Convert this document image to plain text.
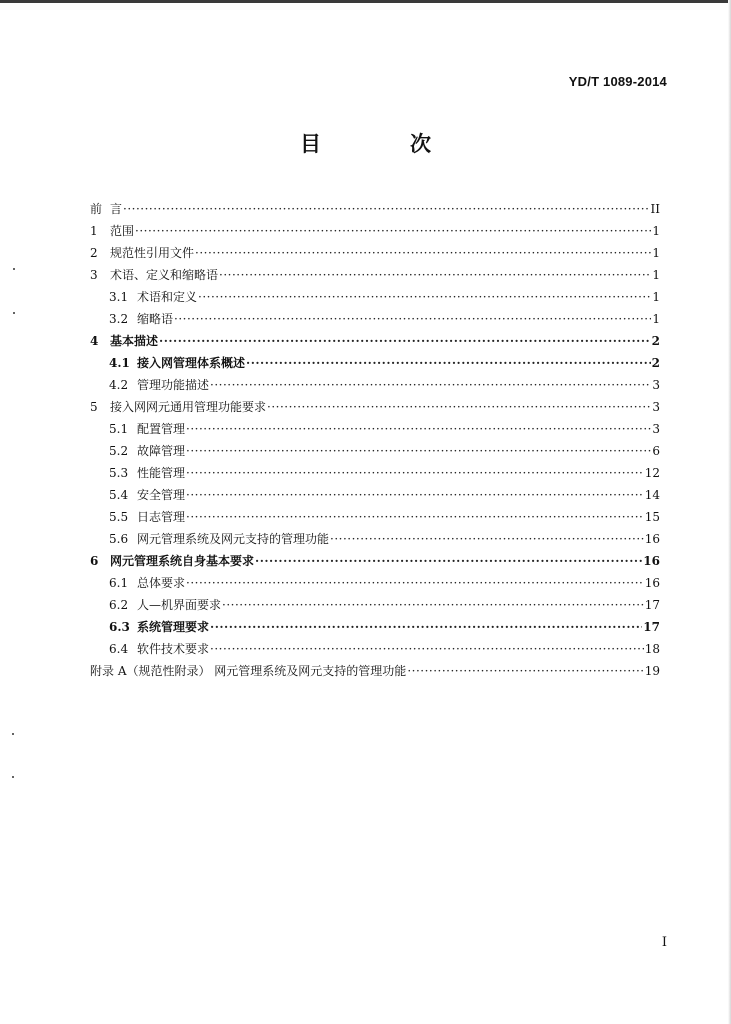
YD/T 1089-2014
目　次
前 言 ·····	II
1	范围 ·····	1
2	规范性引用文件 ·····	1
3	术语、定义和缩略语 ·····	1
3.1 术语和定义 ·····	1
3.2 缩略语 ·····	1
4 基本描述 ·····	2
4.1 接入网管理体系概述 ·····	2
4.2 管理功能描述 ·····	3
5	接入网网元通用管理功能要求 ·····	3
5.1 配置管理 ·····	3
5.2 故障管理 ·····	6
5.3 性能管理 ·····	12
5.4 安全管理 ·····	14
5.5 日志管理 ·····	15
5.6 网元管理系统及网元支持的管理功能 ·····	16
6 网元管理系统自身基本要求 ·····	16
6.1 总体要求 ·····	16
6.2 人—机界面要求 ·····	17
6.3 系统管理要求 ·····	17
6.4 软件技术要求 ·····	18
附录 A（规范性附录） 网元管理系统及网元支持的管理功能 ·····	19
I
